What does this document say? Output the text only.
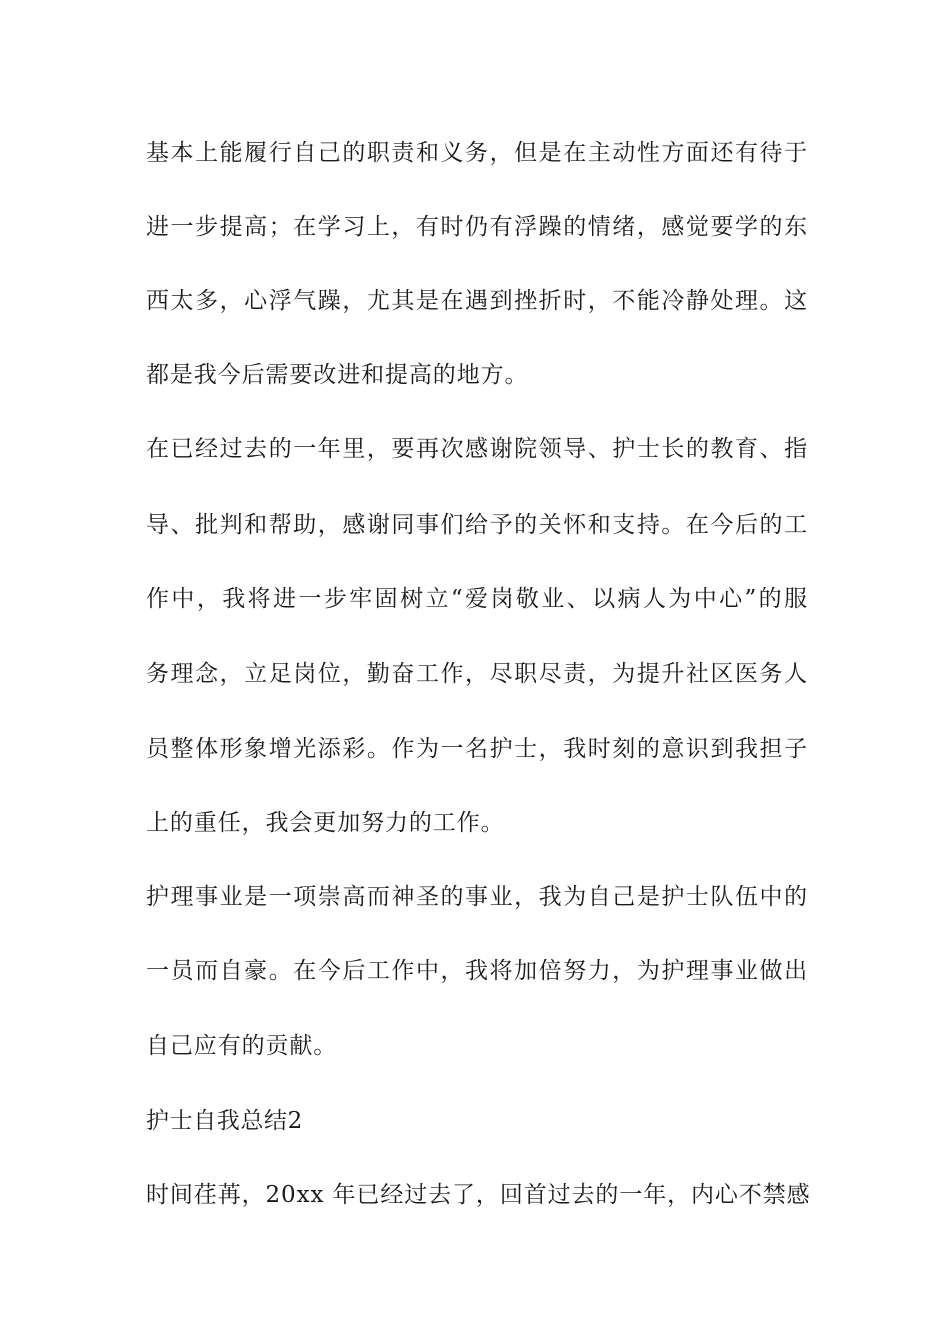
基本上能履行自己的职责和义务，但是在主动性方面还有待于
进一步提高；在学习上，有时仍有浮躁的情绪，感觉要学的东
西太多，心浮气躁，尤其是在遇到挫折时，不能冷静处理。这
都是我今后需要改进和提高的地方。
在已经过去的一年里，要再次感谢院领导、护士长的教育、指
导、批判和帮助，感谢同事们给予的关怀和支持。在今后的工
作中，我将进一步牢固树立“爱岗敬业、以病人为中心”的服
务理念，立足岗位，勤奋工作，尽职尽责，为提升社区医务人
员整体形象增光添彩。作为一名护士，我时刻的意识到我担子
上的重任，我会更加努力的工作。
护理事业是一项崇高而神圣的事业，我为自己是护士队伍中的
一员而自豪。在今后工作中，我将加倍努力，为护理事业做出
自己应有的贡献。
护士自我总结2
时间荏苒，20xx 年已经过去了，回首过去的一年，内心不禁感
